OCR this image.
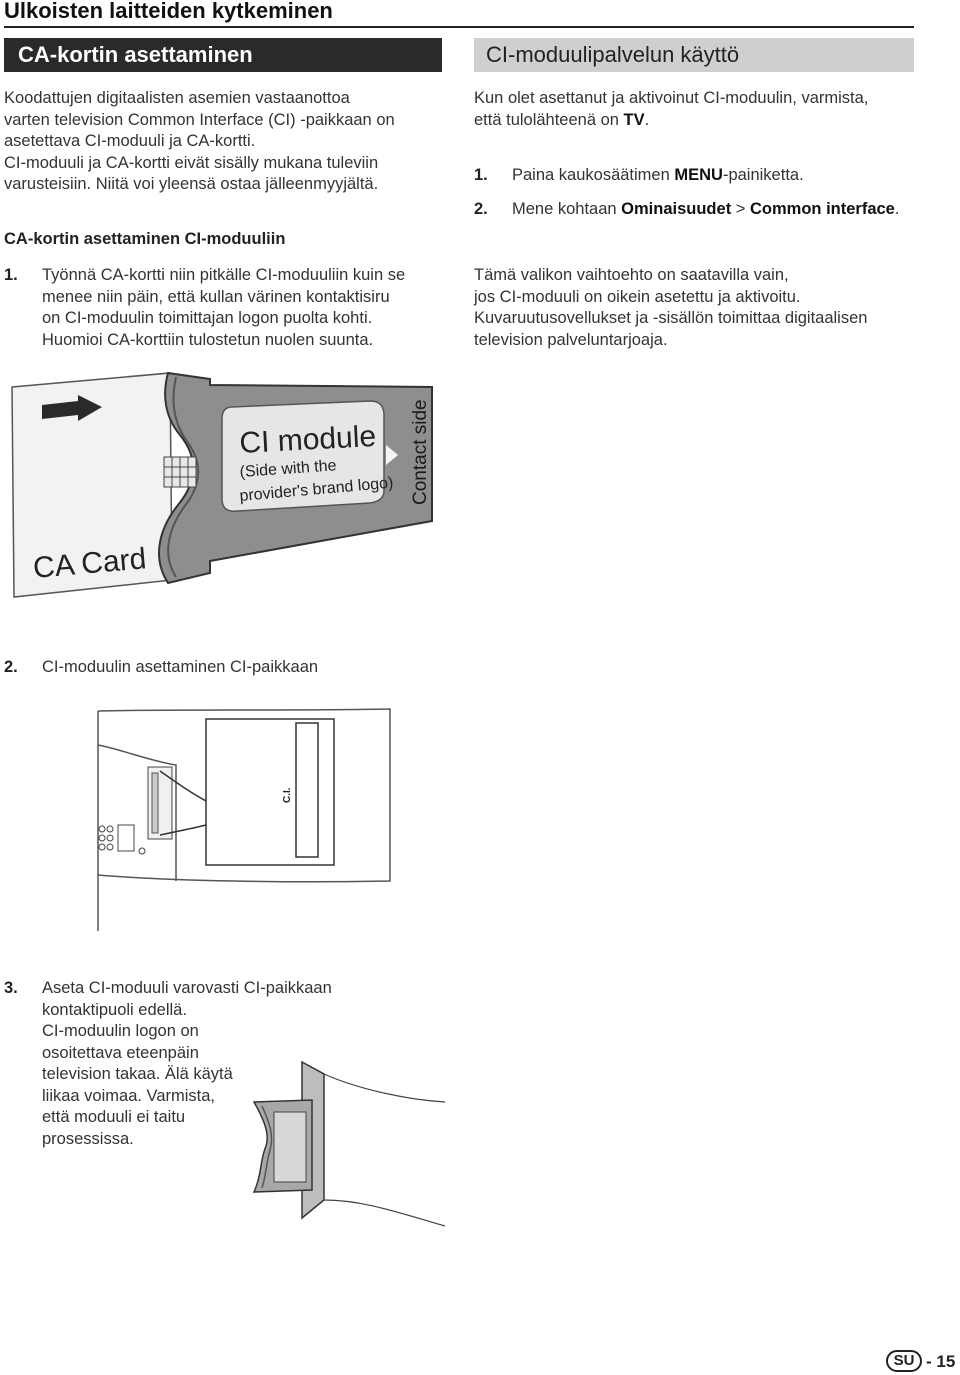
Ulkoisten laitteiden kytkeminen
CA-kortin asettaminen
Koodattujen digitaalisten asemien vastaanottoa
varten television Common Interface (CI) -paikkaan on
asetettava CI-moduuli ja CA-kortti.
CI-moduuli ja CA-kortti eivät sisälly mukana tuleviin
varusteisiin. Niitä voi yleensä ostaa jälleenmyyjältä.
CA-kortin asettaminen CI-moduuliin
1.	Työnnä CA-kortti niin pitkälle CI-moduuliin kuin se
menee niin päin, että kullan värinen kontaktisiru
on CI-moduulin toimittajan logon puolta kohti.
Huomioi CA-korttiin tulostetun nuolen suunta.
CA Card
CI module
(Side with the
provider's brand logo) Contact side
2.	CI-moduulin asettaminen CI-paikkaan
C.I.
3.	Aseta CI-moduuli varovasti CI-paikkaan
kontaktipuoli edellä.
CI-moduulin logon on
osoitettava eteenpäin
television takaa. Älä käytä
liikaa voimaa. Varmista,
että moduuli ei taitu
prosessissa.
CI-moduulipalvelun käyttö
Kun olet asettanut ja aktivoinut CI-moduulin, varmista,
että tulolähteenä on TV.
1.	Paina kaukosäätimen MENU-painiketta.
2.	Mene kohtaan Ominaisuudet > Common interface.
Tämä valikon vaihtoehto on saatavilla vain,
jos CI-moduuli on oikein asetettu ja aktivoitu.
Kuvaruutusovellukset ja -sisällön toimittaa digitaalisen
television palveluntarjoaja.
SU - 15
